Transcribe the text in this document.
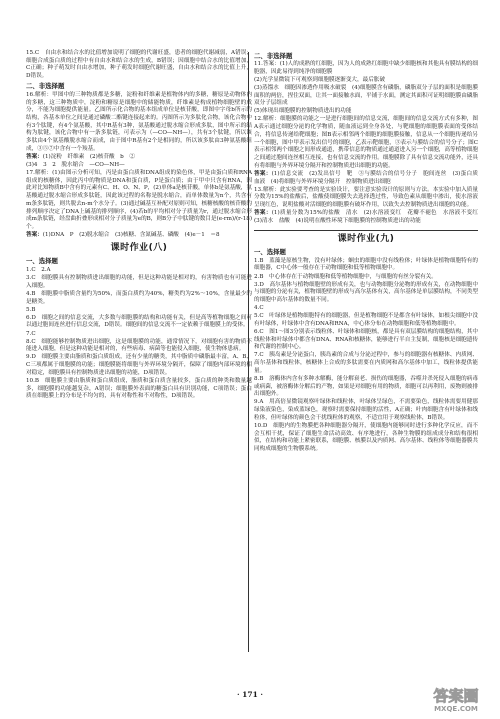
15.C　自由水和结合水的比值增加说明了细胞的代谢旺盛，患者的细胞代谢减弱，A错误；细胞合成蛋白质的过程中有自由水和结合水的生成，B错误；因细胞中结合水的比值增加，C正确；种子萌发时自由水增加，种子萌发时细胞代谢旺盛，自由水和结合水的比值上升，D错误。
二、非选择题
16.解析：甲图中的三种物质都是多糖，淀粉和纤维素是植物体内的多糖，糖原是动物体内的多糖，这三种物质中，淀粉和糖原是细胞中的储能物质，纤维素是构成植物细胞壁的成分，不能为细胞提供能量。乙图所示化合物的基本组成单位是核苷酸，即图中字母b所示的结构，各基本单位之间是通过磷酸二酯键连接起来的。丙图所示为多肽化合物，该化合物中有3个肽键，有4个氨基酸，其中R基有3种，氨基酸通过脱水缩合形成多肽，图中所示的结构为肽键，该化合物中有一条多肽链，可表示为（—CO—NH—），共有3个肽键，所以该多肽由4个氨基酸脱水缩合而成，由于图中R基有2个是相同的，所以该多肽由3种氨基酸组成，③⑤⑦中含有一个羧基。
答案：(1)淀粉　纤维素　(2)核苷酸　b　②
(3)4　3　2　脱水缩合　—CO—NH—
17.解析：(1)由图示分析可知，丙是由蛋白质和DNA组成的染色体，甲是由蛋白质和RNA组成的核糖体，因此丙中的物质是DNA和蛋白质，P是蛋白质；由于甲中只含有RNA，因此对比知物质B中含有的元素有C、H、O、N、P，(2)单体a是核苷酸，单体b是氨基酸，氨基酸通过脱水缩合形成多肽链，因此该过程的名称是脱水缩合，而单体数量为n个，共含有m条多肽链，则共脱去n-m个水分子。(3)通过碱基互补配对原则可知，核糖核酸的核苷酸的排列顺序决定了DNA上碱基的排列顺序，(4)若b的平均相对分子质量为r，通过脱水缩合形成m条肽链，经盘曲折叠形成相对分子质量为e的B，则B分子中肽键的数目是(e-rm)/(r-18)个。
答案：(1)DNA　P　(2)脱水缩合　(3)核糖、含氮碱基、磷酸　(4)e－1　＝8
课时作业(八)
一、选择题
1.C　2.A
3.C　细胞膜具有控制物质进出细胞的功能，但是这种功能是相对的，有害物质也有可能进入细胞。
4.B　细胞膜中脂质含量约为50%，而蛋白质约为40%，糖类约为2%～10%，含量最少的是糖类。
5.B
6.D　细胞之间的信息交流，大多数与细胞膜的结构和功能有关，但是高等植物细胞之间可以通过胞间连丝进行信息交流，D错误。细胞间的信息交流不一定依赖于细胞膜上的受体。
7.C
8.C　细胞能够控制物质进出细胞，这是细胞膜的功能，通常情况下，对细胞有害的物质不能进入细胞，但是这种功能是相对的，有些病毒、病菌等也能侵入细胞，使生物体患病。
9.D　细胞膜主要由脂质和蛋白质组成，还有少量的糖类，其中脂质中磷脂最丰富，A、B、C三项都属于细胞膜的功能；细胞膜能将细胞与外界环境分隔开，保障了细胞内部环境的相对稳定，细胞膜具有控制物质进出细胞的功能，D项错误。
10.B　细胞膜主要由脂质和蛋白质组成，脂质和蛋白质含量较多，蛋白质的种类和数量越多，细胞膜的功能越复杂，A错误；细胞膜外表面的糖蛋白具有识别功能，C项错误；蛋白质在细胞膜上的分布是不均匀的，具有对称性和不对称性，D项错误。
二、非选择题
11.答案：(1)人的成熟的红细胞，因为人的成熟红细胞中缺少细胞核和其他具有膜结构的细胞器，因此易得到纯净的细胞膜
(2)光学显微镜下可观察到细胞膜逐渐变大，最后胀破
(3)蒸馏水　细胞因渗透作用吸水破裂　(4)细胞膜含有磷脂，磷脂双分子层的面积是细胞膜面积的两倍，捏住双面，让其一面接触水面，平铺于水面，测定其面积可证明细胞膜由磷脂双分子层组成
(5)体现出细胞膜的控制物质进出的功能
12.解析：细胞膜的功能之一是进行细胞间的信息交流，细胞间的信息交流方式有多种，图A表示通过细胞分泌的化学物质，随血液运到全身各处，与靶细胞的细胞膜表面的受体结合，将信息传递给靶细胞；图B表示相邻两个细胞的细胞膜接触，信息从一个细胞传递给另一个细胞，图中甲表示发出信号的细胞，乙表示靶细胞，③表示与膜结合的信号分子；图C表示相邻两个细胞之间形成通道，携带信息的物质通过通道进入另一个细胞，高等植物细胞之间通过胞间连丝相互连接，也有信息交流的作用。细胞膜除了具有信息交流功能外，还具有将细胞与外界环境分隔开和控制物质进出细胞的功能。
答案：(1)信息交流　(2)发出信号　靶　③与膜结合的信号分子　胞间连丝　(3)蛋白质　血液　(4)将细胞与外界环境分隔开　控制物质进出细胞
13.解析：此实验要考查的是实验设计，要注意实验设计的原则与方法。本实验中加入质量分数为15%的盐酸后，盐酸使细胞膜失去选择透过性，导致色素从细胞中渗出，使水溶液呈现红色，说明盐酸对活细胞的细胞膜有破坏作用，以致失去控制物质进出细胞的功能。
答案：(1)质量分数为15%的盐酸　清水　(2)水溶液变红　花瓣不褪色　水溶液不变红　(3)清水　盐酸　(4)说明在酸性环境下细胞膜的控制物质进出的功能
课时作业(九)
一、选择题
1.B　蓝藻是原核生物，没有叶绿体；蛔虫的细胞中没有线粒体；叶绿体是植物细胞特有的细胞器，C中心体一般存在于动物细胞和低等植物细胞中。
2.B　中心体存在于动物细胞和低等植物细胞中，与细胞的有丝分裂有关。
3.D　高尔基体与植物细胞壁的形成有关，也与动物细胞分泌物的形成有关，在动物细胞中与细胞的分泌有关，植物细胞壁的形成与高尔基体有关，高尔基体是单层膜结构，不同类型的细胞中高尔基体的数量不同。
4.C
5.C　叶绿体是植物细胞特有的细胞器，但是植物细胞不是都含有叶绿体，如根尖细胞中没有叶绿体，叶绿体中含有DNA和RNA，中心体分布在动物细胞和低等植物细胞中。
6.C　图1～图3分别表示线粒体、叶绿体和细胞核，都是具有双层膜结构的细胞结构，其中线粒体和叶绿体中都含有DNA、RNA和核糖体，能够进行半自主复制，细胞核是细胞遗传和代谢的控制中心。
7.C　胰岛素是分泌蛋白，胰岛素的合成与分泌过程中，参与的细胞器有核糖体、内质网、高尔基体和线粒体，核糖体上合成的多肽需要在内质网和高尔基体中加工，线粒体提供能量。
8.B　溶酶体内含有多种水解酶，能分解衰老、损伤的细胞器，吞噬并杀死侵入细胞的病毒或病菌，被溶酶体分解后的产物，如果是对细胞有用的物质，细胞可以再利用，废物则被排出细胞外。
9.A　用高倍显微镜观察叶绿体和线粒体，叶绿体呈绿色，不需要染色，线粒体需要用健那绿染液染色，染成蓝绿色，观察时需要保持细胞的活性，A正确；叶肉细胞含有叶绿体和线粒体，但叶绿体的颜色会干扰线粒体的观察，不适宜用于观察线粒体，B错误。
10.D　细胞内的生物膜把各种细胞器分隔开，使细胞内能够同时进行多种化学反应，而不会互相干扰，保证了细胞生命活动高效、有序地进行，各种生物膜的组成成分和结构很相似，在结构和功能上紧密联系，细胞膜、核膜以及内质网、高尔基体、线粒体等细胞器膜共同构成细胞的生物膜系统。
· 171 ·	答案圈
MXQE.COM
